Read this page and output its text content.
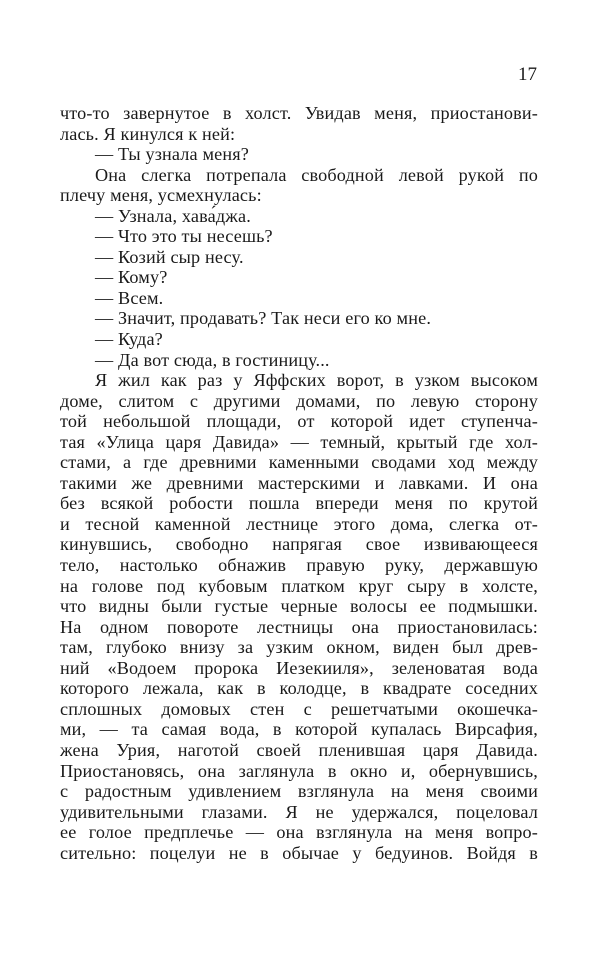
17
что-то завернутое в холст. Увидав меня, приостанови-
лась. Я кинулся к ней:
— Ты узнала меня?
Она слегка потрепала свободной левой рукой по
плечу меня, усмехнулась:
— Узнала, хава́джа.
— Что это ты несешь?
— Козий сыр несу.
— Кому?
— Всем.
— Значит, продавать? Так неси его ко мне.
— Куда?
— Да вот сюда, в гостиницу...
Я жил как раз у Яффских ворот, в узком высоком
доме, слитом с другими домами, по левую сторону
той небольшой площади, от которой идет ступенча-
тая «Улица царя Давида» — темный, крытый где хол-
стами, а где древними каменными сводами ход между
такими же древними мастерскими и лавками. И она
без всякой робости пошла впереди меня по крутой
и тесной каменной лестнице этого дома, слегка от-
кинувшись, свободно напрягая свое извивающееся
тело, настолько обнажив правую руку, державшую
на голове под кубовым платком круг сыру в холсте,
что видны были густые черные волосы ее подмышки.
На одном повороте лестницы она приостановилась:
там, глубоко внизу за узким окном, виден был древ-
ний «Водоем пророка Иезекииля», зеленоватая вода
которого лежала, как в колодце, в квадрате соседних
сплошных домовых стен с решетчатыми окошечка-
ми, — та самая вода, в которой купалась Вирсафия,
жена Урия, наготой своей пленившая царя Давида.
Приостановясь, она заглянула в окно и, обернувшись,
с радостным удивлением взглянула на меня своими
удивительными глазами. Я не удержался, поцеловал
ее голое предплечье — она взглянула на меня вопро-
сительно: поцелуи не в обычае у бедуинов. Войдя в
